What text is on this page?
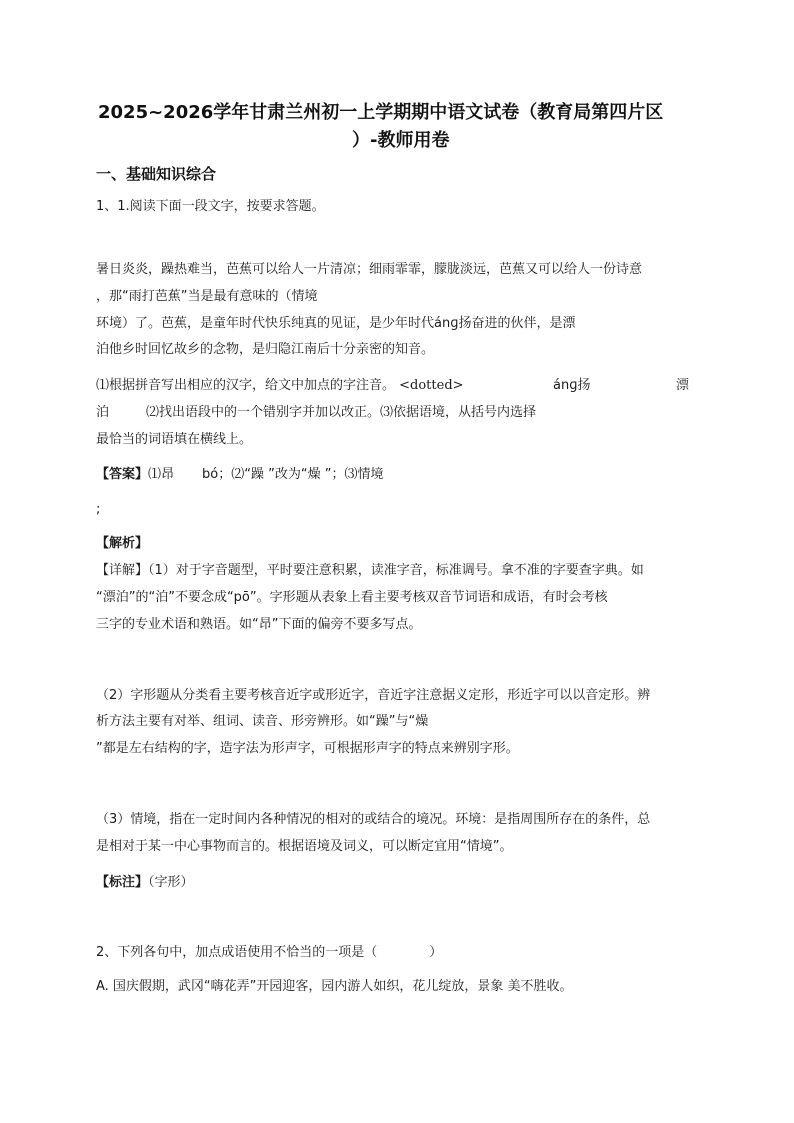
2025~2026学年甘肃兰州初一上学期期中语文试卷（教育局第四片区
）-教师用卷
一、基础知识综合
1、1.阅读下面一段文字，按要求答题。
暑日炎炎，躁热难当，芭蕉可以给人一片清凉；细雨霏霏，朦胧淡远，芭蕉又可以给人一份诗意
，那“雨打芭蕉”当是最有意味的（情境
环境）了。芭蕉，是童年时代快乐纯真的见证，是少年时代ánɡ扬奋进的伙伴，是漂
泊他乡时回忆故乡的念物，是归隐江南后十分亲密的知音。
⑴根据拼音写出相应的汉字，给文中加点的字注音。 <dotted>	ánɡ扬	漂
泊	⑵找出语段中的一个错别字并加以改正。⑶依据语境，从括号内选择
最恰当的词语填在横线上。
【答案】⑴昂 bó；⑵“躁 ”改为“燥 ”；⑶情境
;
【解析】
【详解】（1）对于字音题型，平时要注意积累，读准字音，标准调号。拿不准的字要查字典。如
“漂泊”的“泊”不要念成“pō”。字形题从表象上看主要考核双音节词语和成语，有时会考核
三字的专业术语和熟语。如“昂”下面的偏旁不要多写点。
（2）字形题从分类看主要考核音近字或形近字，音近字注意据义定形，形近字可以以音定形。辨
析方法主要有对举、组词、读音、形旁辨形。如“躁”与“燥
”都是左右结构的字，造字法为形声字，可根据形声字的特点来辨别字形。
（3）情境，指在一定时间内各种情况的相对的或结合的境况。环境：是指周围所存在的条件，总
是相对于某一中心事物而言的。根据语境及词义，可以断定宜用“情境”。
【标注】（字形）
2、下列各句中，加点成语使用不恰当的一项是（　　　　）
A. 国庆假期，武冈“嗨花弄”开园迎客，园内游人如织，花儿绽放，景象 美不胜收。
